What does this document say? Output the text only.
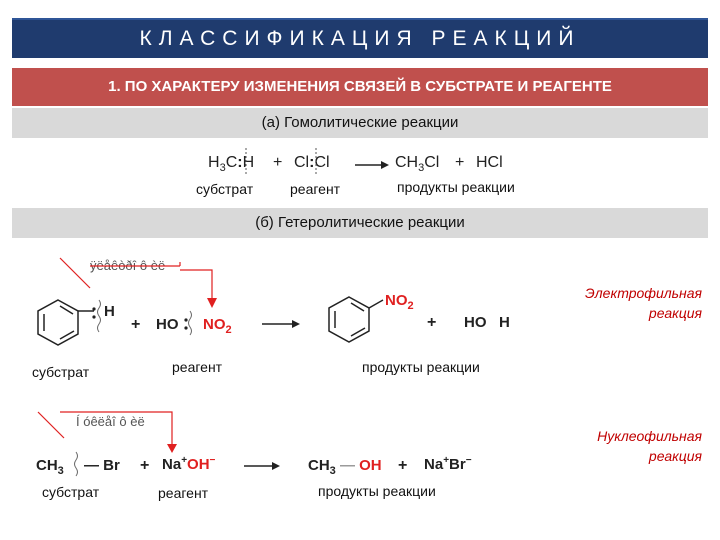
КЛАССИФИКАЦИЯ РЕАКЦИЙ
1. ПО ХАРАКТЕРУ ИЗМЕНЕНИЯ СВЯЗЕЙ В СУБСТРАТЕ И РЕАГЕНТЕ
(а) Гомолитические реакции
$H_3C:H$ + Cl:Cl	$CH_3Cl$ + HCl
субстрат	реагент	продукты реакции
(б) Гетеролитические реакции
ÿëåêòðî ô èë
Электрофильная
реакция
H
+ HO $NO_2$
$NO_2$
+ HO   H
субстрат	реагент	продукты реакции
Í óêëåî ô èë
Нуклеофильная
реакция
$CH_3$ — Br + Na+OH−	$CH_3$ — OH + Na+Br−
субстрат	реагент	продукты реакции
